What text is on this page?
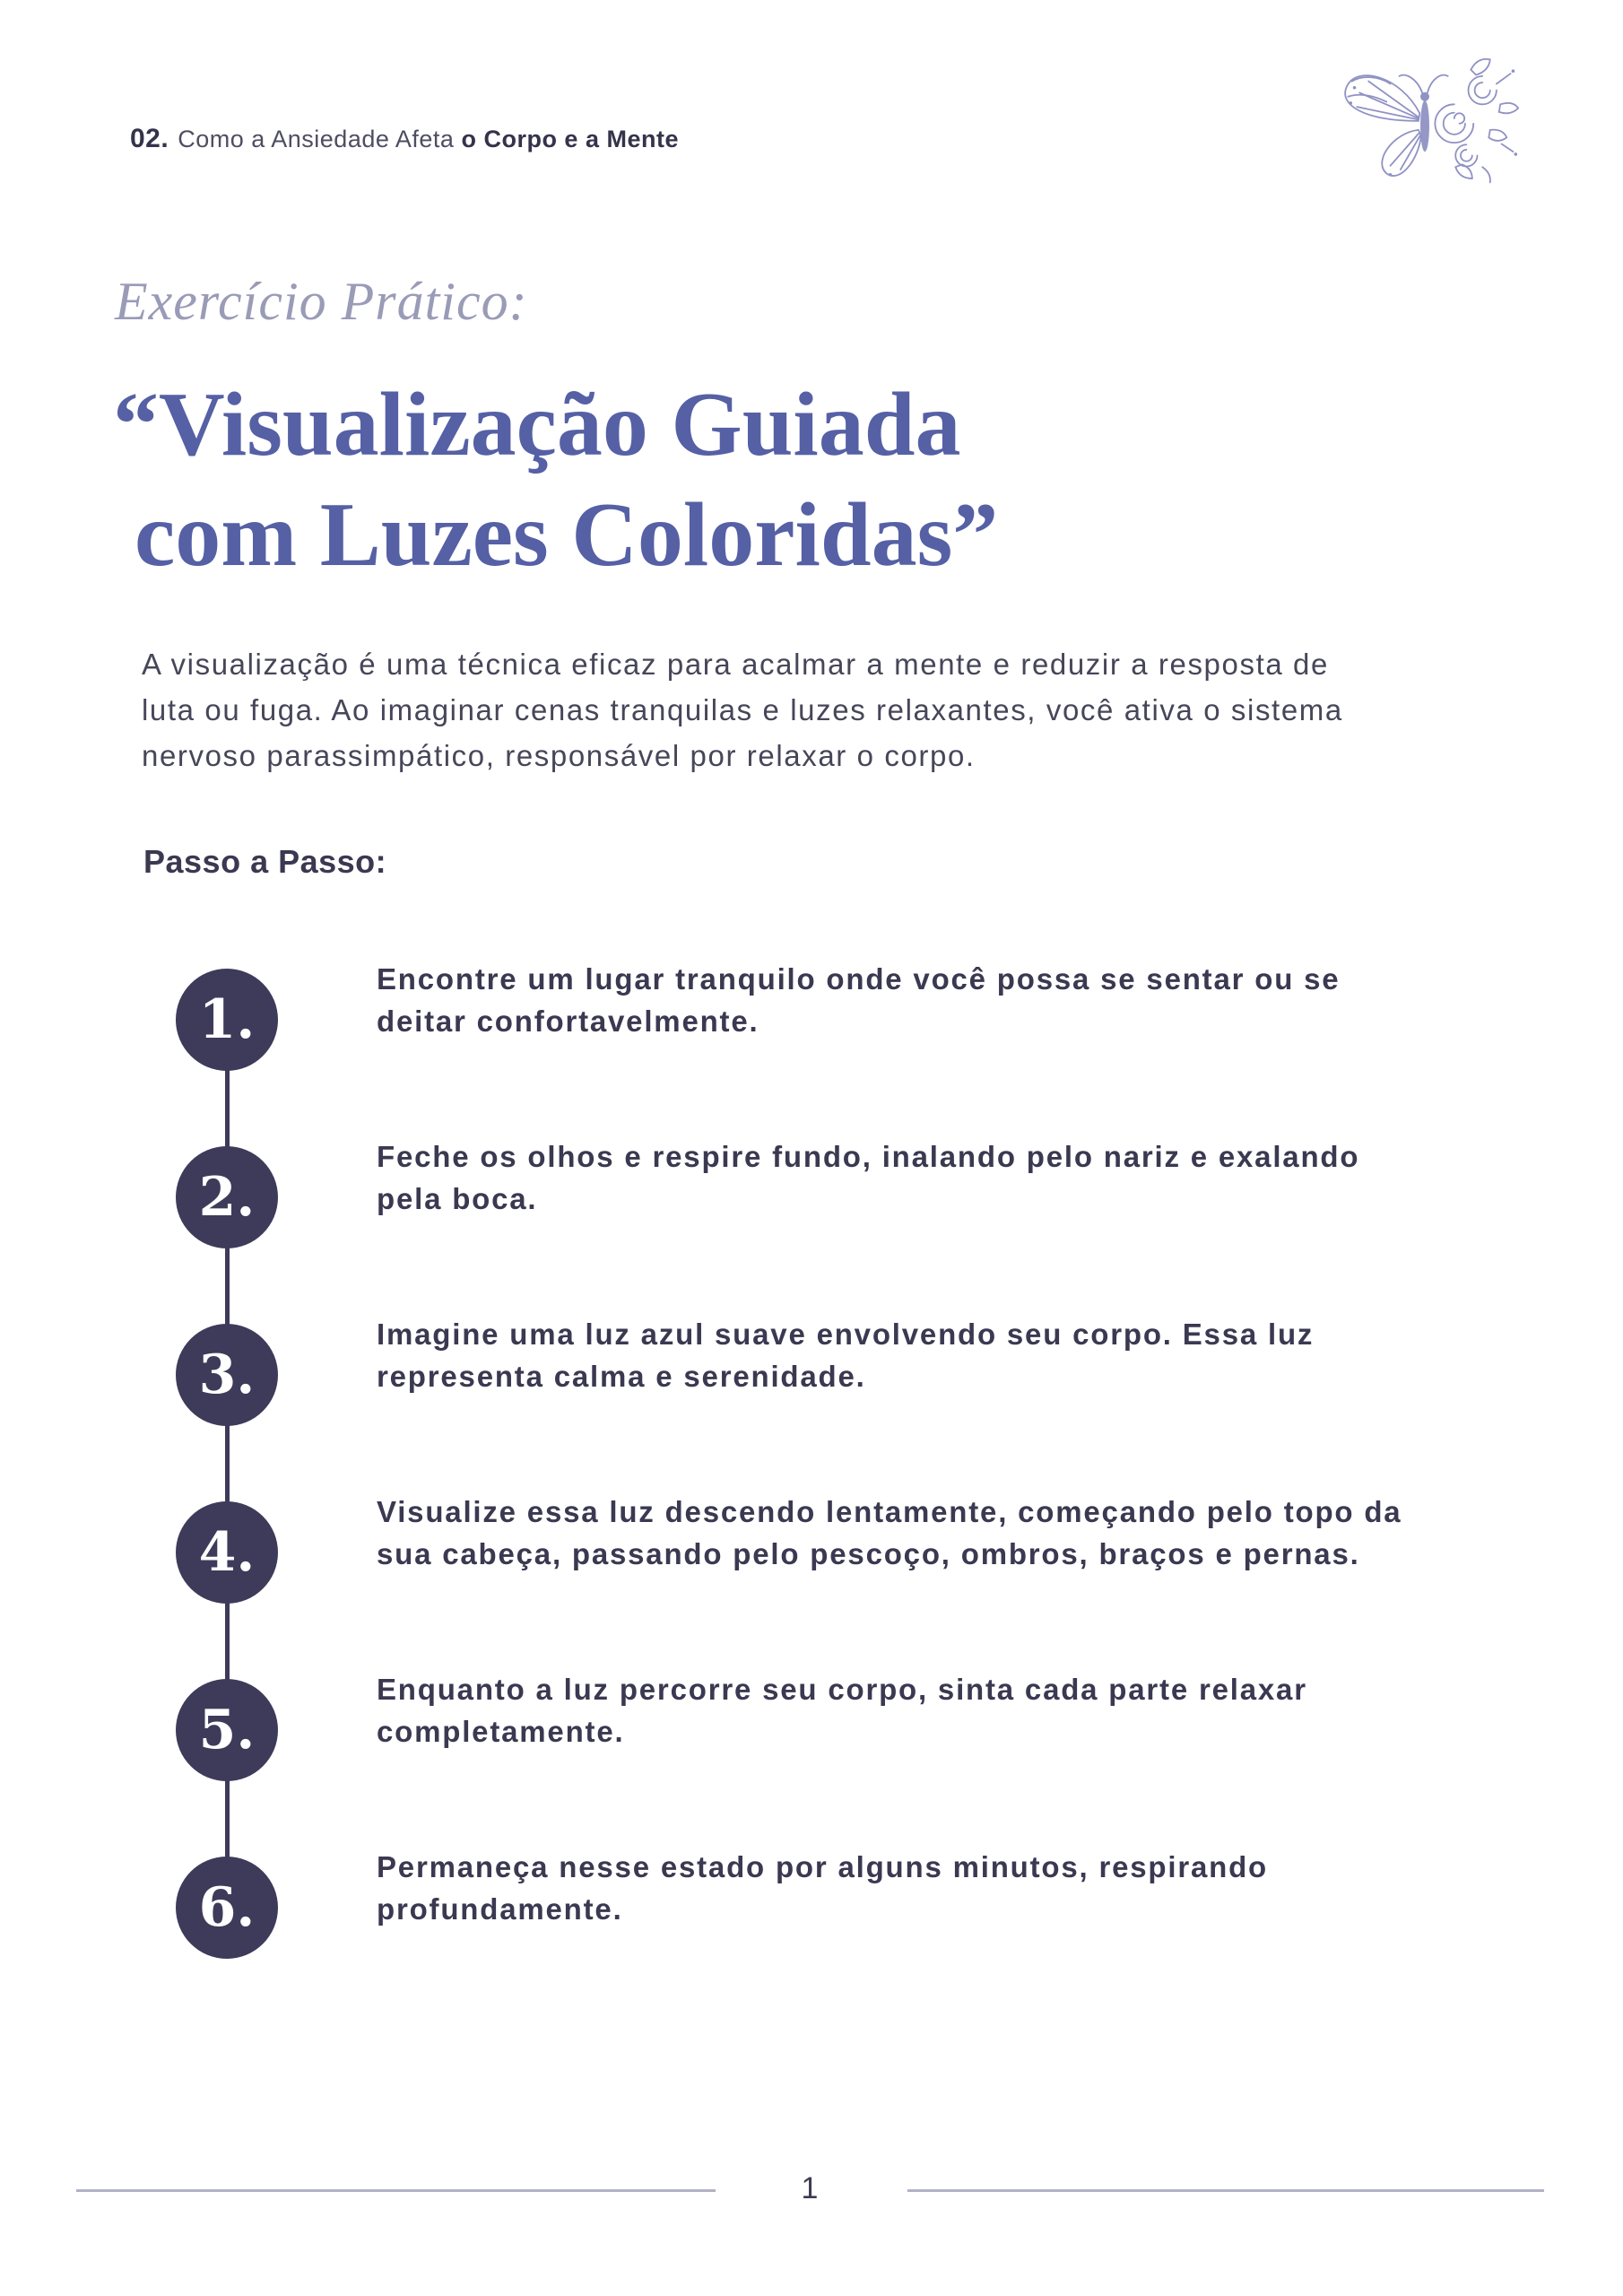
02. Como a Ansiedade Afeta o Corpo e a Mente
Exercício Prático:
“Visualização Guiada
com Luzes Coloridas”
A visualização é uma técnica eficaz para acalmar a mente e reduzir a resposta de
luta ou fuga. Ao imaginar cenas tranquilas e luzes relaxantes, você ativa o sistema
nervoso parassimpático, responsável por relaxar o corpo.
Passo a Passo:
1.
Encontre um lugar tranquilo onde você possa se sentar ou se
deitar confortavelmente.
2.
Feche os olhos e respire fundo, inalando pelo nariz e exalando
pela boca.
3.
Imagine uma luz azul suave envolvendo seu corpo. Essa luz
representa calma e serenidade.
4.
Visualize essa luz descendo lentamente, começando pelo topo da
sua cabeça, passando pelo pescoço, ombros, braços e pernas.
5.
Enquanto a luz percorre seu corpo, sinta cada parte relaxar
completamente.
6.
Permaneça nesse estado por alguns minutos, respirando
profundamente.
1
